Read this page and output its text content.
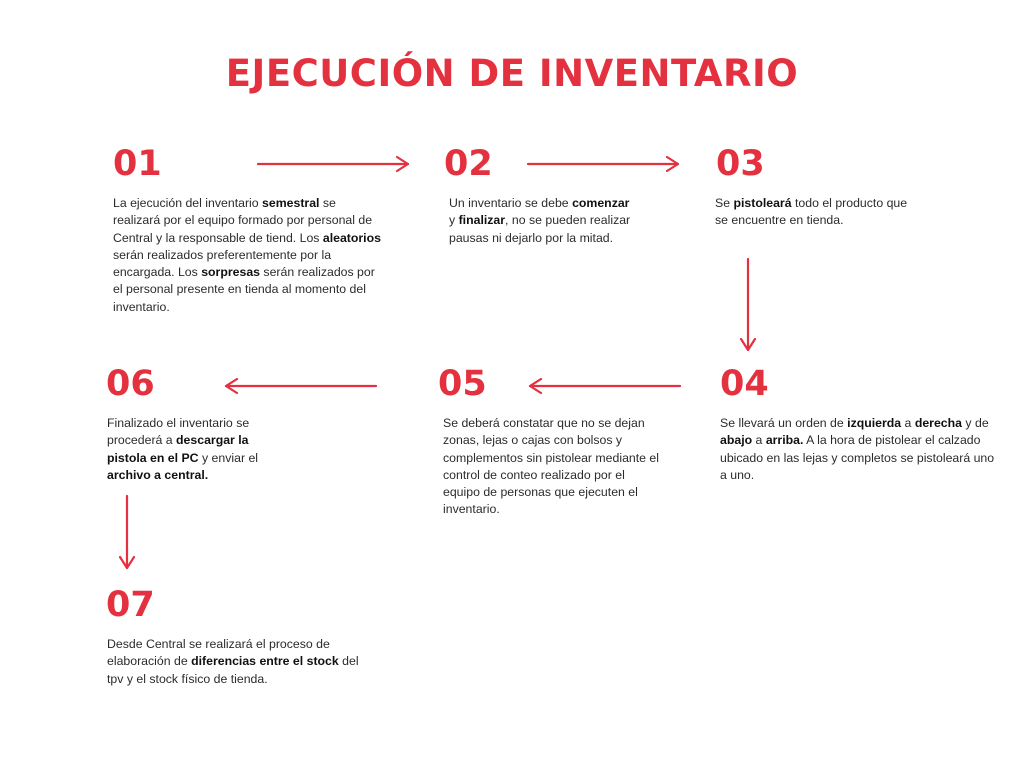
EJECUCIÓN DE INVENTARIO
01
La ejecución del inventario semestral se realizará por el equipo formado por personal de Central y la responsable de tiend. Los aleatorios serán realizados preferentemente por la encargada. Los sorpresas serán realizados por el personal presente en tienda al momento del inventario.
02
Un inventario se debe comenzar y finalizar, no se pueden realizar pausas ni dejarlo por la mitad.
03
Se pistoleará todo el producto que se encuentre en tienda.
04
Se llevará un orden de izquierda a derecha y de abajo a arriba. A la hora de pistolear el calzado ubicado en las lejas y completos se pistoleará uno a uno.
05
Se deberá constatar que no se dejan zonas, lejas o cajas con bolsos y complementos sin pistolear mediante el control de conteo realizado por el equipo de personas que ejecuten el inventario.
06
Finalizado el inventario se procederá a descargar la pistola en el PC y enviar el archivo a central.
07
Desde Central se realizará el proceso de elaboración de diferencias entre el stock del tpv y el stock físico de tienda.
